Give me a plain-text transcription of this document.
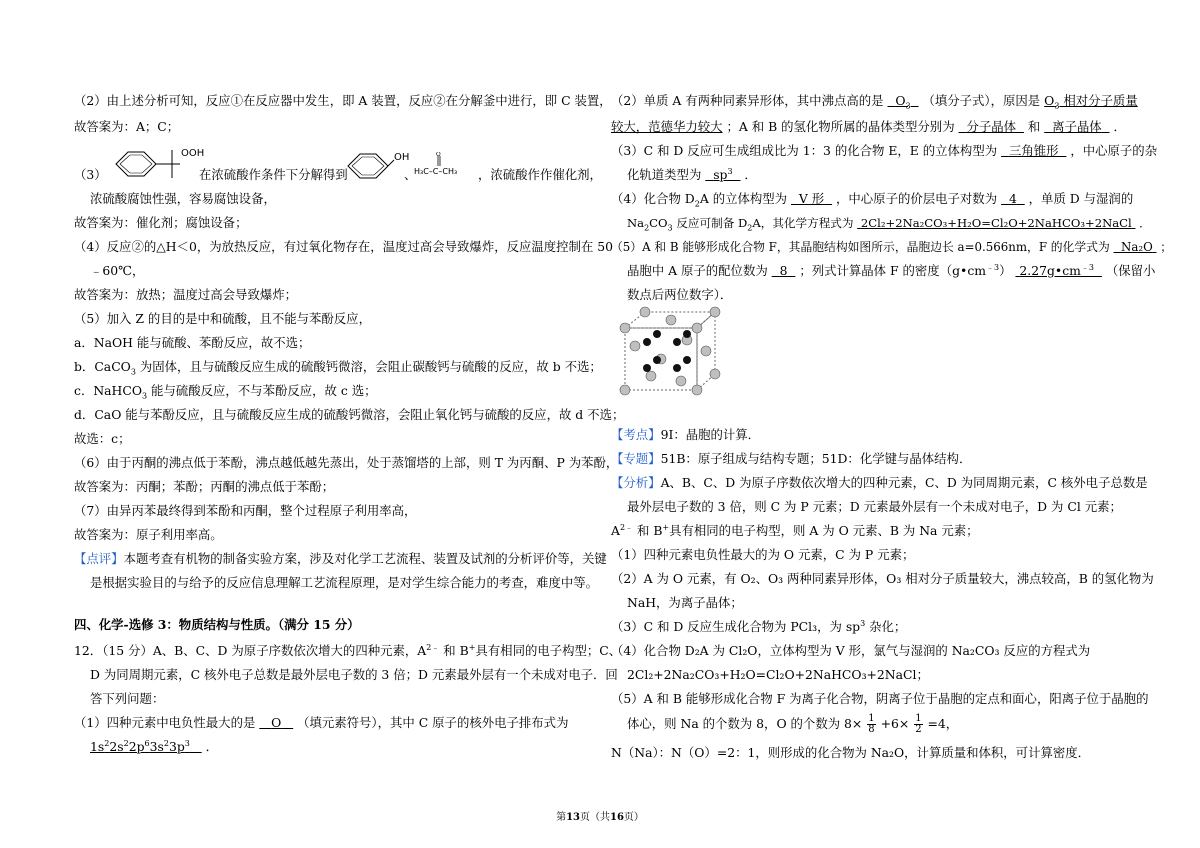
（2）由上述分析可知，反应①在反应器中发生，即 A 装置，反应②在分解釜中进行，即 C 装置，
故答案为：A；C；
（3）
OOH
在浓硫酸作条件下分解得到
OH
、
H₃C–C–CH₃
O
，浓硫酸作作催化剂，
浓硫酸腐蚀性强，容易腐蚀设备，
故答案为：催化剂；腐蚀设备；
（4）反应②的△H＜0，为放热反应，有过氧化物存在，温度过高会导致爆炸，反应温度控制在 50
﹣60℃，
故答案为：放热；温度过高会导致爆炸；
（5）加入 Z 的目的是中和硫酸，且不能与苯酚反应，
a．NaOH 能与硫酸、苯酚反应，故不选；
b．CaCO$_3$ 为固体，且与硫酸反应生成的硫酸钙微溶，会阻止碳酸钙与硫酸的反应，故 b 不选；
c．NaHCO$_3$ 能与硫酸反应，不与苯酚反应，故 c 选；
d．CaO 能与苯酚反应，且与硫酸反应生成的硫酸钙微溶，会阻止氧化钙与硫酸的反应，故 d 不选；
故选：c；
（6）由于丙酮的沸点低于苯酚，沸点越低越先蒸出，处于蒸馏塔的上部，则 T 为丙酮、P 为苯酚，
故答案为：丙酮；苯酚；丙酮的沸点低于苯酚；
（7）由异丙苯最终得到苯酚和丙酮，整个过程原子利用率高，
故答案为：原子利用率高。
【点评】本题考查有机物的制备实验方案，涉及对化学工艺流程、装置及试剂的分析评价等，关键
是根据实验目的与给予的反应信息理解工艺流程原理，是对学生综合能力的考查，难度中等。
四、化学-选修 3：物质结构与性质。（满分 15 分）
12．（15 分）A、B、C、D 为原子序数依次增大的四种元素，$A^{2﹣}$ 和 B+具有相同的电子构型；C、
D 为同周期元素，C 核外电子总数是最外层电子数的 3 倍；D 元素最外层有一个未成对电子．回
答下列问题：
（1）四种元素中电负性最大的是 O （填元素符号），其中 C 原子的核外电子排布式为
$1s^22s^22p^63s^23p^3$ ．
（2）单质 A 有两种同素异形体，其中沸点高的是 $O_3$ （填分子式），原因是 $O_3$ 相对分子质量
较大，范德华力较大 ；A 和 B 的氢化物所属的晶体类型分别为 分子晶体 和 离子晶体 ．
（3）C 和 D 反应可生成组成比为 1：3 的化合物 E，E 的立体构型为 三角锥形 ，中心原子的杂
化轨道类型为 $sp^3$ ．
（4）化合物 $D_2A$ 的立体构型为 V 形 ，中心原子的价层电子对数为 4 ，单质 D 与湿润的
$Na_2CO_3$ 反应可制备 $D_2A$，其化学方程式为 2Cl₂+2Na₂CO₃+H₂O=Cl₂O+2NaHCO₃+2NaCl ．
（5）A 和 B 能够形成化合物 F，其晶胞结构如图所示，晶胞边长 a=0.566nm，F 的化学式为 Na₂O ；
晶胞中 A 原子的配位数为 8 ；列式计算晶体 F 的密度$(g•cm^{﹣3})$ $2.27g•cm^{﹣3}$ （保留小
数点后两位数字）．
【考点】9I：晶胞的计算．
【专题】51B：原子组成与结构专题；51D：化学键与晶体结构．
【分析】A、B、C、D 为原子序数依次增大的四种元素，C、D 为同周期元素，C 核外电子总数是
最外层电子数的 3 倍，则 C 为 P 元素；D 元素最外层有一个未成对电子，D 为 Cl 元素；
$A^{2﹣}$ 和 B+具有相同的电子构型，则 A 为 O 元素、B 为 Na 元素；
（1）四种元素电负性最大的为 O 元素，C 为 P 元素；
（2）A 为 O 元素，有 O₂、O₃ 两种同素异形体，O₃ 相对分子质量较大，沸点较高，B 的氢化物为
NaH，为离子晶体；
（3）C 和 D 反应生成化合物为 PCl₃，为 $sp^3$ 杂化；
（4）化合物 D₂A 为 Cl₂O，立体构型为 V 形，氯气与湿润的 Na₂CO₃ 反应的方程式为
2Cl₂+2Na₂CO₃+H₂O=Cl₂O+2NaHCO₃+2NaCl；
（5）A 和 B 能够形成化合物 F 为离子化合物，阴离子位于晶胞的定点和面心，阳离子位于晶胞的
体心，则 Na 的个数为 8，O 的个数为 $8\times \frac{1}{8} +6\times \frac{1}{2} =4$，
N（Na）：N（O）=2：1，则形成的化合物为 Na₂O，计算质量和体积，可计算密度．
第13页（共16页）
